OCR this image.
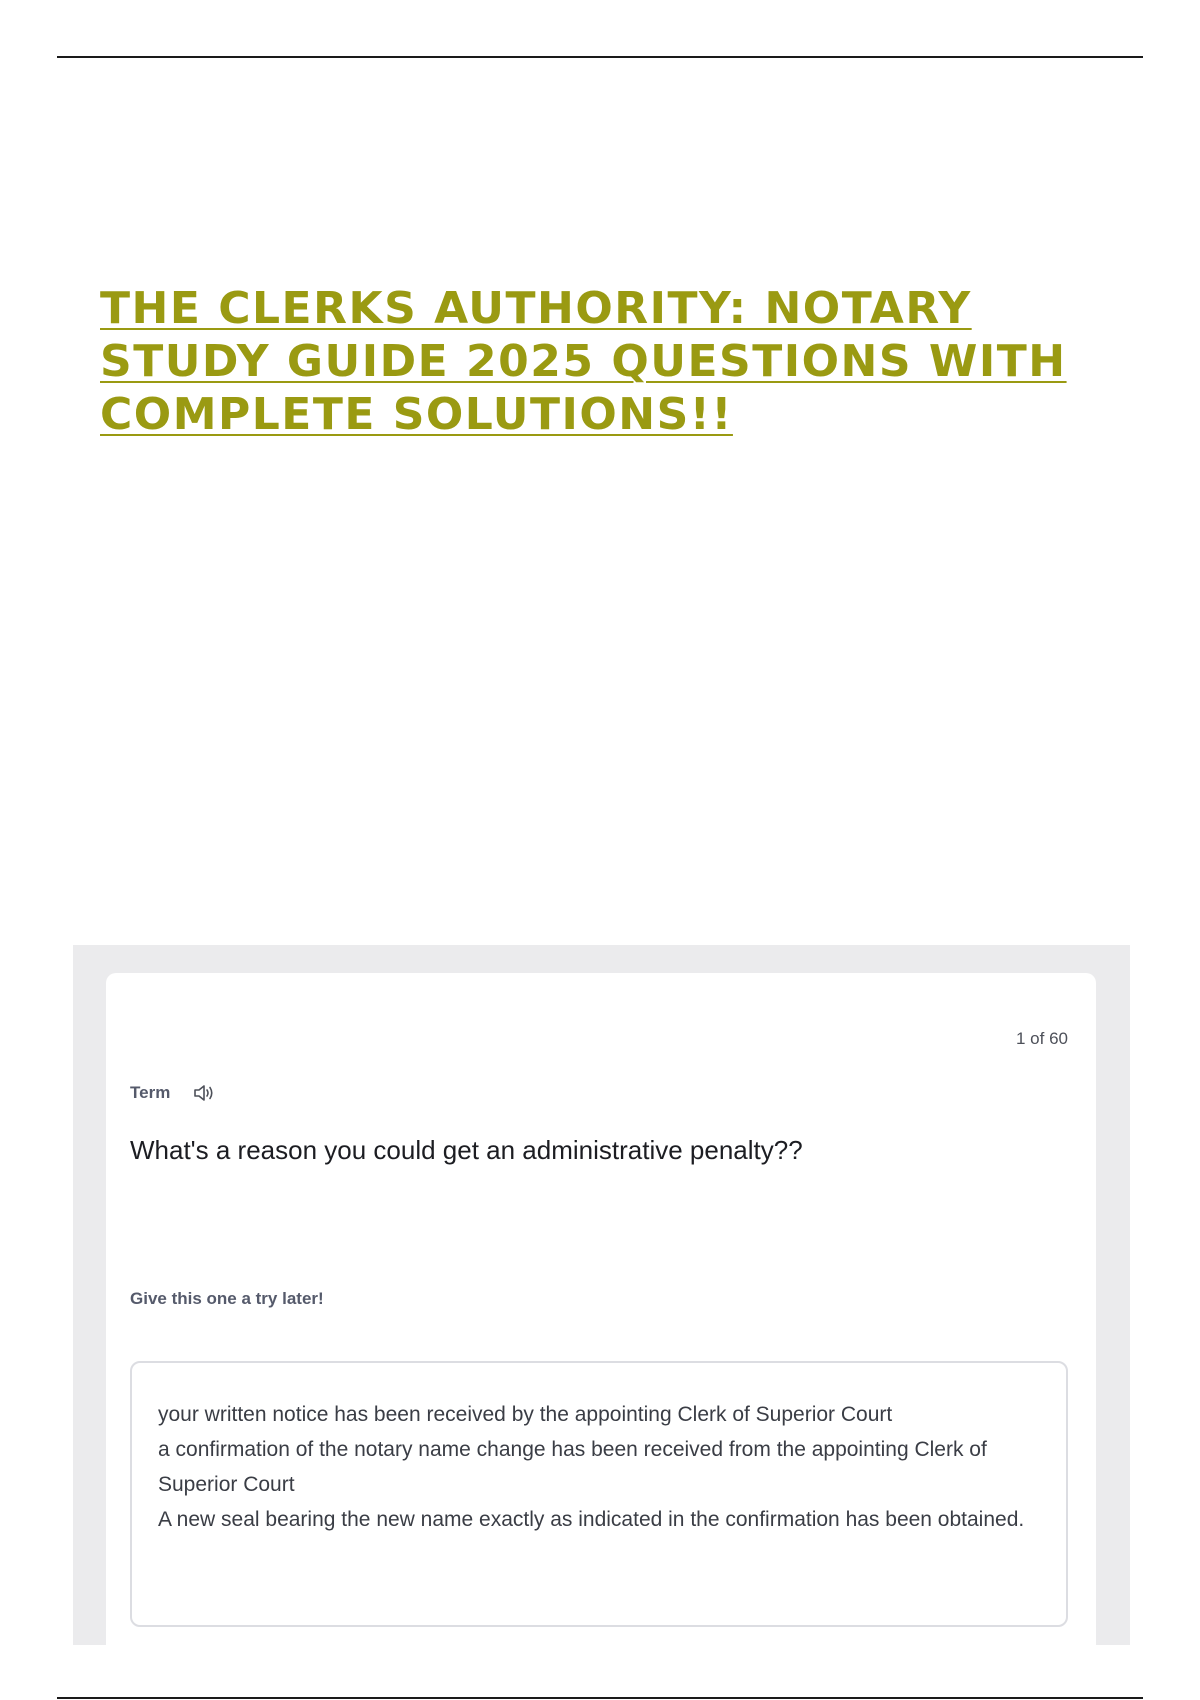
THE CLERKS AUTHORITY: NOTARY STUDY GUIDE 2025 QUESTIONS WITH COMPLETE SOLUTIONS!!
1 of 60
Term
What's a reason you could get an administrative penalty??
Give this one a try later!

your written notice has been received by the appointing Clerk of Superior Court

a confirmation of the notary name change has been received from the appointing Clerk of Superior Court

A new seal bearing the new name exactly as indicated in the confirmation has been obtained.
